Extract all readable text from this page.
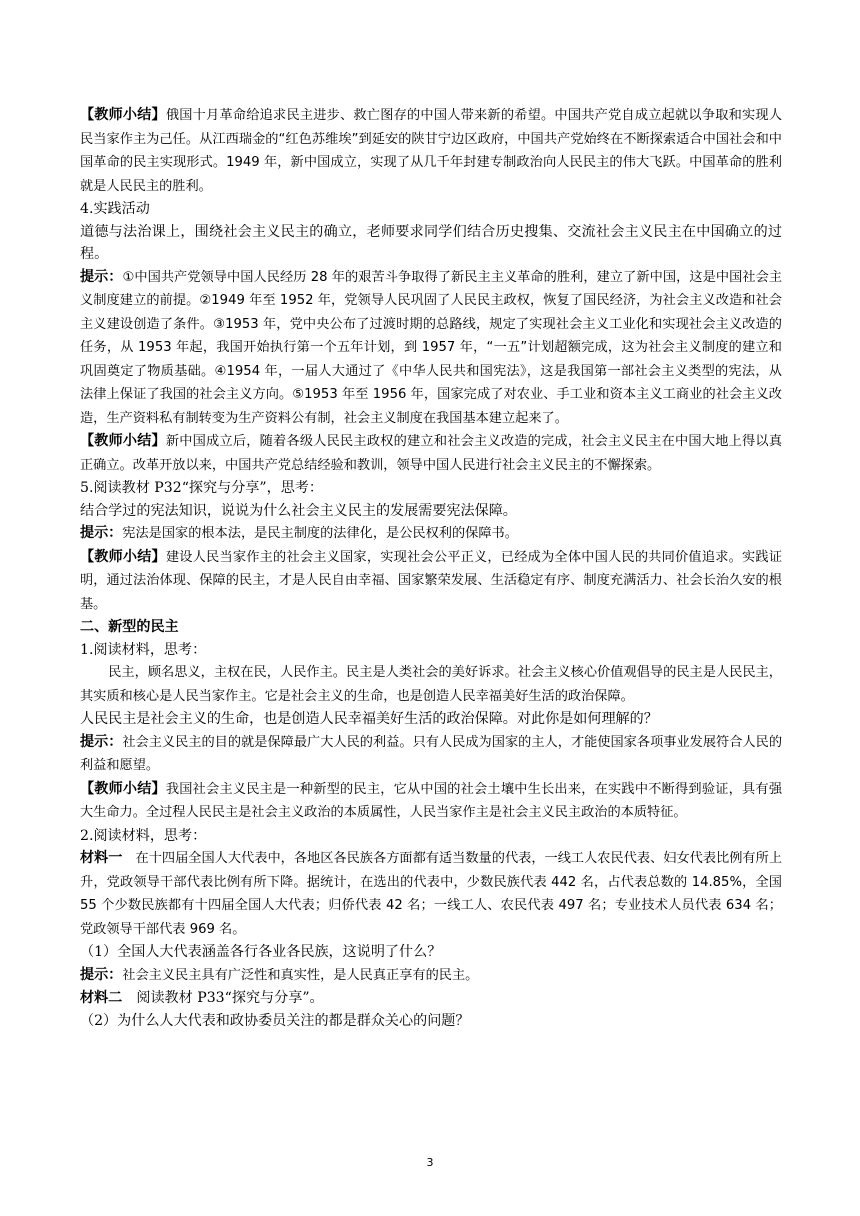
【教师小结】俄国十月革命给追求民主进步、救亡图存的中国人带来新的希望。中国共产党自成立起就以争取和实现人民当家作主为己任。从江西瑞金的“红色苏维埃”到延安的陕甘宁边区政府，中国共产党始终在不断探索适合中国社会和中国革命的民主实现形式。1949 年，新中国成立，实现了从几千年封建专制政治向人民民主的伟大飞跃。中国革命的胜利就是人民民主的胜利。

4.实践活动

道德与法治课上，围绕社会主义民主的确立，老师要求同学们结合历史搜集、交流社会主义民主在中国确立的过程。

提示：①中国共产党领导中国人民经历 28 年的艰苦斗争取得了新民主主义革命的胜利，建立了新中国，这是中国社会主义制度建立的前提。②1949 年至 1952 年，党领导人民巩固了人民民主政权，恢复了国民经济，为社会主义改造和社会主义建设创造了条件。③1953 年，党中央公布了过渡时期的总路线，规定了实现社会主义工业化和实现社会主义改造的任务，从 1953 年起，我国开始执行第一个五年计划，到 1957 年，“一五”计划超额完成，这为社会主义制度的建立和巩固奠定了物质基础。④1954 年，一届人大通过了《中华人民共和国宪法》，这是我国第一部社会主义类型的宪法，从法律上保证了我国的社会主义方向。⑤1953 年至 1956 年，国家完成了对农业、手工业和资本主义工商业的社会主义改造，生产资料私有制转变为生产资料公有制，社会主义制度在我国基本建立起来了。

【教师小结】新中国成立后，随着各级人民民主政权的建立和社会主义改造的完成，社会主义民主在中国大地上得以真正确立。改革开放以来，中国共产党总结经验和教训，领导中国人民进行社会主义民主的不懈探索。

5.阅读教材 P32“探究与分享”，思考：

结合学过的宪法知识，说说为什么社会主义民主的发展需要宪法保障。

提示：宪法是国家的根本法，是民主制度的法律化，是公民权利的保障书。

【教师小结】建设人民当家作主的社会主义国家，实现社会公平正义，已经成为全体中国人民的共同价值追求。实践证明，通过法治体现、保障的民主，才是人民自由幸福、国家繁荣发展、生活稳定有序、制度充满活力、社会长治久安的根基。

二、新型的民主

1.阅读材料，思考：

民主，顾名思义，主权在民，人民作主。民主是人类社会的美好诉求。社会主义核心价值观倡导的民主是人民民主，其实质和核心是人民当家作主。它是社会主义的生命，也是创造人民幸福美好生活的政治保障。

人民民主是社会主义的生命，也是创造人民幸福美好生活的政治保障。对此你是如何理解的？

提示：社会主义民主的目的就是保障最广大人民的利益。只有人民成为国家的主人，才能使国家各项事业发展符合人民的利益和愿望。

【教师小结】我国社会主义民主是一种新型的民主，它从中国的社会土壤中生长出来，在实践中不断得到验证，具有强大生命力。全过程人民民主是社会主义政治的本质属性，人民当家作主是社会主义民主政治的本质特征。

2.阅读材料，思考：

材料一　在十四届全国人大代表中，各地区各民族各方面都有适当数量的代表，一线工人农民代表、妇女代表比例有所上升，党政领导干部代表比例有所下降。据统计，在选出的代表中，少数民族代表 442 名，占代表总数的 14.85%，全国 55 个少数民族都有十四届全国人大代表；归侨代表 42 名；一线工人、农民代表 497 名；专业技术人员代表 634 名；党政领导干部代表 969 名。

（1）全国人大代表涵盖各行各业各民族，这说明了什么？

提示：社会主义民主具有广泛性和真实性，是人民真正享有的民主。

材料二　阅读教材 P33“探究与分享”。

（2）为什么人大代表和政协委员关注的都是群众关心的问题？

3
